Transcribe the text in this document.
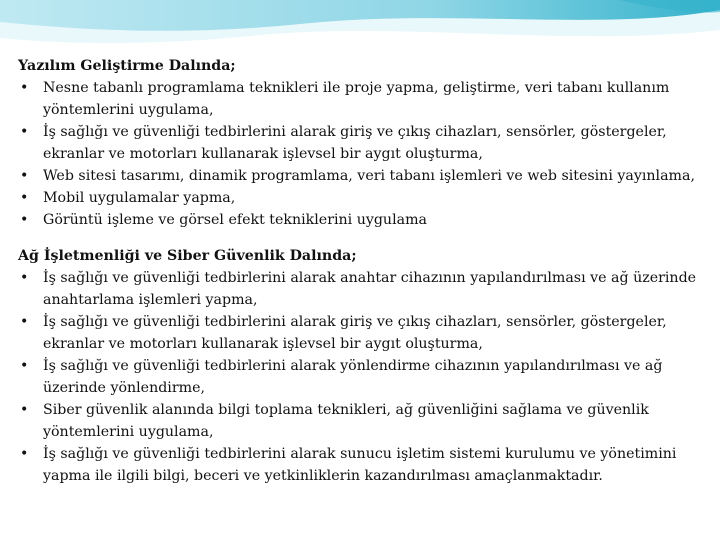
Yazılım Geliştirme Dalında;
• Nesne tabanlı programlama teknikleri ile proje yapma, geliştirme, veri tabanı kullanım yöntemlerini uygulama,
• İş sağlığı ve güvenliği tedbirlerini alarak giriş ve çıkış cihazları, sensörler, göstergeler, ekranlar ve motorları kullanarak işlevsel bir aygıt oluşturma,
• Web sitesi tasarımı, dinamik programlama, veri tabanı işlemleri ve web sitesini yayınlama,
• Mobil uygulamalar yapma,
• Görüntü işleme ve görsel efekt tekniklerini uygulama
Ağ İşletmenliği ve Siber Güvenlik Dalında;
• İş sağlığı ve güvenliği tedbirlerini alarak anahtar cihazının yapılandırılması ve ağ üzerinde anahtarlama işlemleri yapma,
• İş sağlığı ve güvenliği tedbirlerini alarak giriş ve çıkış cihazları, sensörler, göstergeler, ekranlar ve motorları kullanarak işlevsel bir aygıt oluşturma,
• İş sağlığı ve güvenliği tedbirlerini alarak yönlendirme cihazının yapılandırılması ve ağ üzerinde yönlendirme,
• Siber güvenlik alanında bilgi toplama teknikleri, ağ güvenliğini sağlama ve güvenlik yöntemlerini uygulama,
• İş sağlığı ve güvenliği tedbirlerini alarak sunucu işletim sistemi kurulumu ve yönetimini yapma ile ilgili bilgi, beceri ve yetkinliklerin kazandırılması amaçlanmaktadır.
